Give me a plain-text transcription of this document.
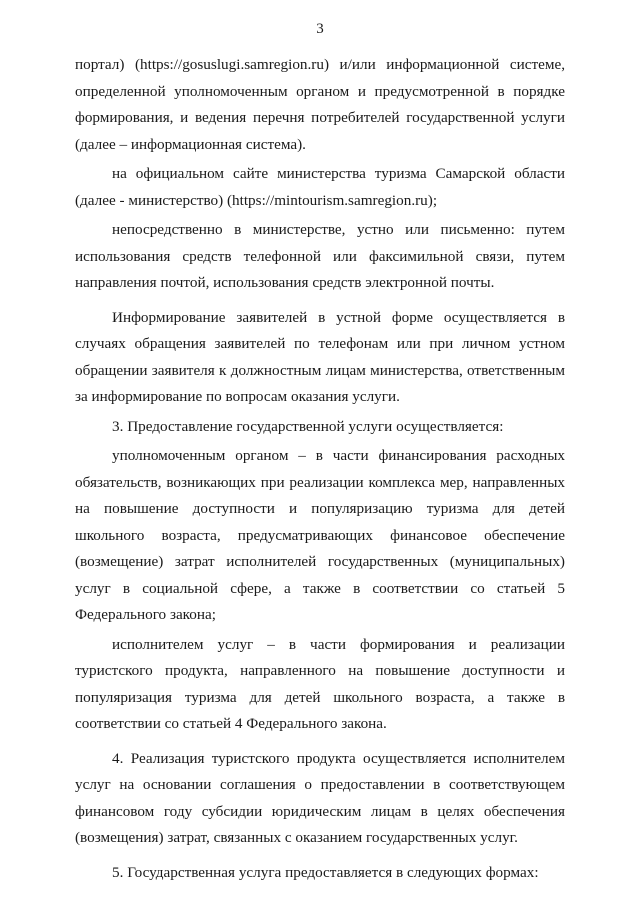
3

портал) (https://gosuslugi.samregion.ru) и/или информационной системе, определенной уполномоченным органом и предусмотренной в порядке формирования, и ведения перечня потребителей государственной услуги (далее – информационная система).

на официальном сайте министерства туризма Самарской области (далее - министерство) (https://mintourism.samregion.ru);

непосредственно в министерстве, устно или письменно: путем использования средств телефонной или факсимильной связи, путем направления почтой, использования средств электронной почты.

Информирование заявителей в устной форме осуществляется в случаях обращения заявителей по телефонам или при личном устном обращении заявителя к должностным лицам министерства, ответственным за информирование по вопросам оказания услуги.

3. Предоставление государственной услуги осуществляется:

уполномоченным органом – в части финансирования расходных обязательств, возникающих при реализации комплекса мер, направленных на повышение доступности и популяризацию туризма для детей школьного возраста, предусматривающих финансовое обеспечение (возмещение) затрат исполнителей государственных (муниципальных) услуг в социальной сфере, а также в соответствии со статьей 5 Федерального закона;

исполнителем услуг – в части формирования и реализации туристского продукта, направленного на повышение доступности и популяризация туризма для детей школьного возраста, а также в соответствии со статьей 4 Федерального закона.

4. Реализация туристского продукта осуществляется исполнителем услуг на основании соглашения о предоставлении в соответствующем финансовом году субсидии юридическим лицам в целях обеспечения (возмещения) затрат, связанных с оказанием государственных услуг.

5. Государственная услуга предоставляется в следующих формах:
